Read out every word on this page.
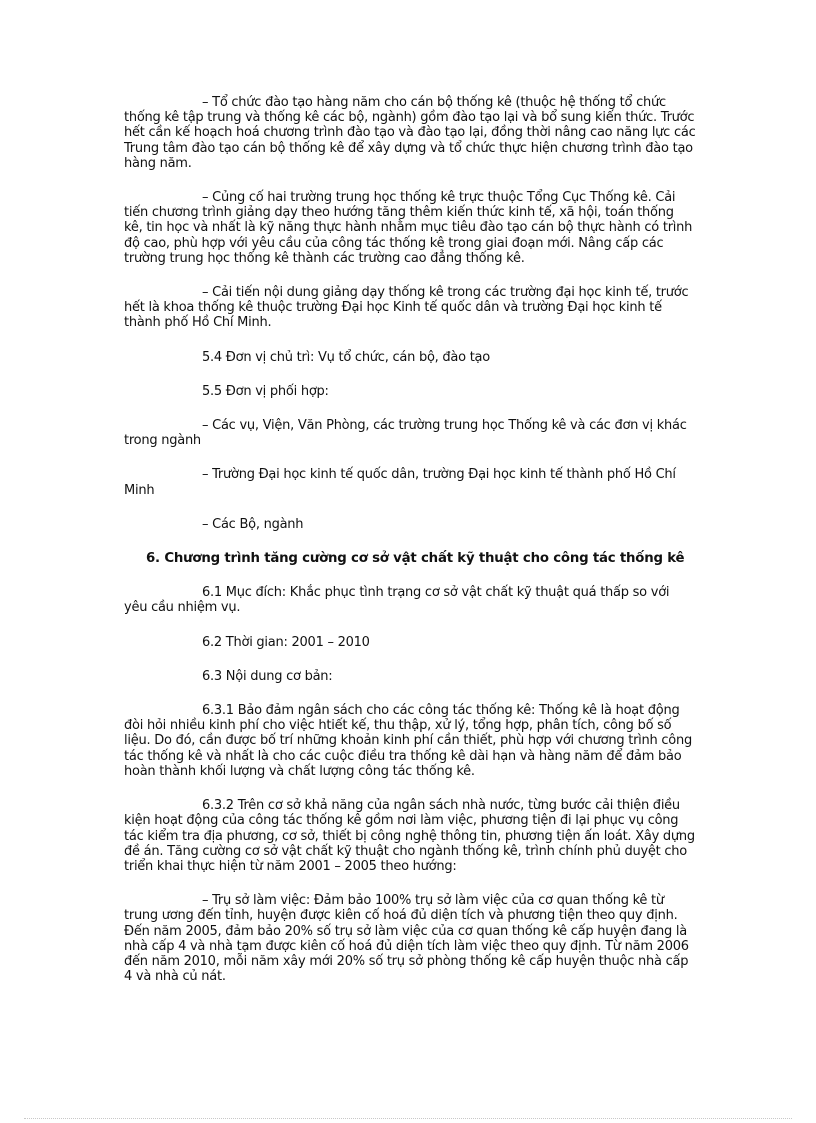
– Tổ chức đào tạo hàng năm cho cán bộ thống kê (thuộc hệ thống tổ chức thống kê tập trung và thống kê các bộ, ngành) gồm đào tạo lại và bổ sung kiến thức. Trước hết cần kế hoạch hoá chương trình đào tạo và đào tạo lại, đồng thời nâng cao năng lực các Trung tâm đào tạo cán bộ thống kê để xây dựng và tổ chức thực hiện chương trình đào tạo hàng năm.

– Củng cố hai trường trung học thống kê trực thuộc Tổng Cục Thống kê. Cải tiến chương trình giảng dạy theo hướng tăng thêm kiến thức kinh tế, xã hội, toán thống kê, tin học và nhất là kỹ năng thực hành nhằm mục tiêu đào tạo cán bộ thực hành có trình độ cao, phù hợp với yêu cầu của công tác thống kê trong giai đoạn mới. Nâng cấp các trường trung học thống kê thành các trường cao đẳng thống kê.

– Cải tiến nội dung giảng dạy thống kê trong các trường đại học kinh tế, trước hết là khoa thống kê thuộc trường Đại học Kinh tế quốc dân và trường Đại học kinh tế thành phố Hồ Chí Minh.

5.4 Đơn vị chủ trì: Vụ tổ chức, cán bộ, đào tạo

5.5 Đơn vị phối hợp:

– Các vụ, Viện, Văn Phòng, các trường trung học Thống kê và các đơn vị khác trong ngành

– Trường Đại học kinh tế quốc dân, trường Đại học kinh tế thành phố Hồ Chí Minh

– Các Bộ, ngành

6. Chương trình tăng cường cơ sở vật chất kỹ thuật cho công tác thống kê

6.1 Mục đích: Khắc phục tình trạng cơ sở vật chất kỹ thuật quá thấp so với yêu cầu nhiệm vụ.

6.2 Thời gian: 2001 – 2010

6.3 Nội dung cơ bản:

6.3.1 Bảo đảm ngân sách cho các công tác thống kê: Thống kê là hoạt động đòi hỏi nhiều kinh phí cho việc htiết kế, thu thập, xử lý, tổng hợp, phân tích, công bố số liệu. Do đó, cần được bố trí những khoản kinh phí cần thiết, phù hợp với chương trình công tác thống kê và nhất là cho các cuộc điều tra thống kê dài hạn và hàng năm để đảm bảo hoàn thành khối lượng và chất lượng công tác thống kê.

6.3.2 Trên cơ sở khả năng của ngân sách nhà nước, từng bước cải thiện điều kiện hoạt động của công tác thống kê gồm nơi làm việc, phương tiện đi lại phục vụ công tác kiểm tra địa phương, cơ sở, thiết bị công nghệ thông tin, phương tiện ấn loát. Xây dựng đề án. Tăng cường cơ sở vật chất kỹ thuật cho ngành thống kê, trình chính phủ duyệt cho triển khai thực hiện từ năm 2001 – 2005 theo hướng:

– Trụ sở làm việc: Đảm bảo 100% trụ sở làm việc của cơ quan thống kê từ trung ương đến tỉnh, huyện được kiên cố hoá đủ diện tích và phương tiện theo quy định. Đến năm 2005, đảm bảo 20% số trụ sở làm việc của cơ quan thống kê cấp huyện đang là nhà cấp 4 và nhà tạm được kiên cố hoá đủ diện tích làm việc theo quy định. Từ năm 2006 đến năm 2010, mỗi năm xây mới 20% số trụ sở phòng thống kê cấp huyện thuộc nhà cấp 4 và nhà củ nát.
